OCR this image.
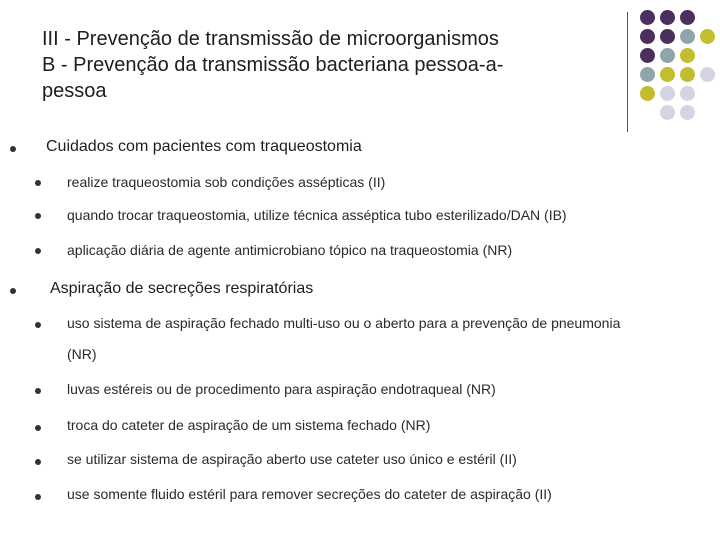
III - Prevenção de transmissão de microorganismos
B - Prevenção da transmissão bacteriana pessoa-a-
pessoa
Cuidados com pacientes com traqueostomia
realize traqueostomia sob condições assépticas (II)
quando trocar traqueostomia, utilize técnica asséptica tubo esterilizado/DAN (IB)
aplicação diária de agente antimicrobiano tópico na traqueostomia (NR)
Aspiração de secreções respiratórias
uso sistema de aspiração fechado multi-uso ou o aberto para a prevenção de pneumonia
(NR)
luvas estéreis ou de procedimento para aspiração endotraqueal (NR)
troca do cateter de aspiração de um sistema fechado (NR)
se utilizar sistema de aspiração aberto use cateter uso único e estéril (II)
use somente fluido estéril para remover secreções do cateter de aspiração (II)
